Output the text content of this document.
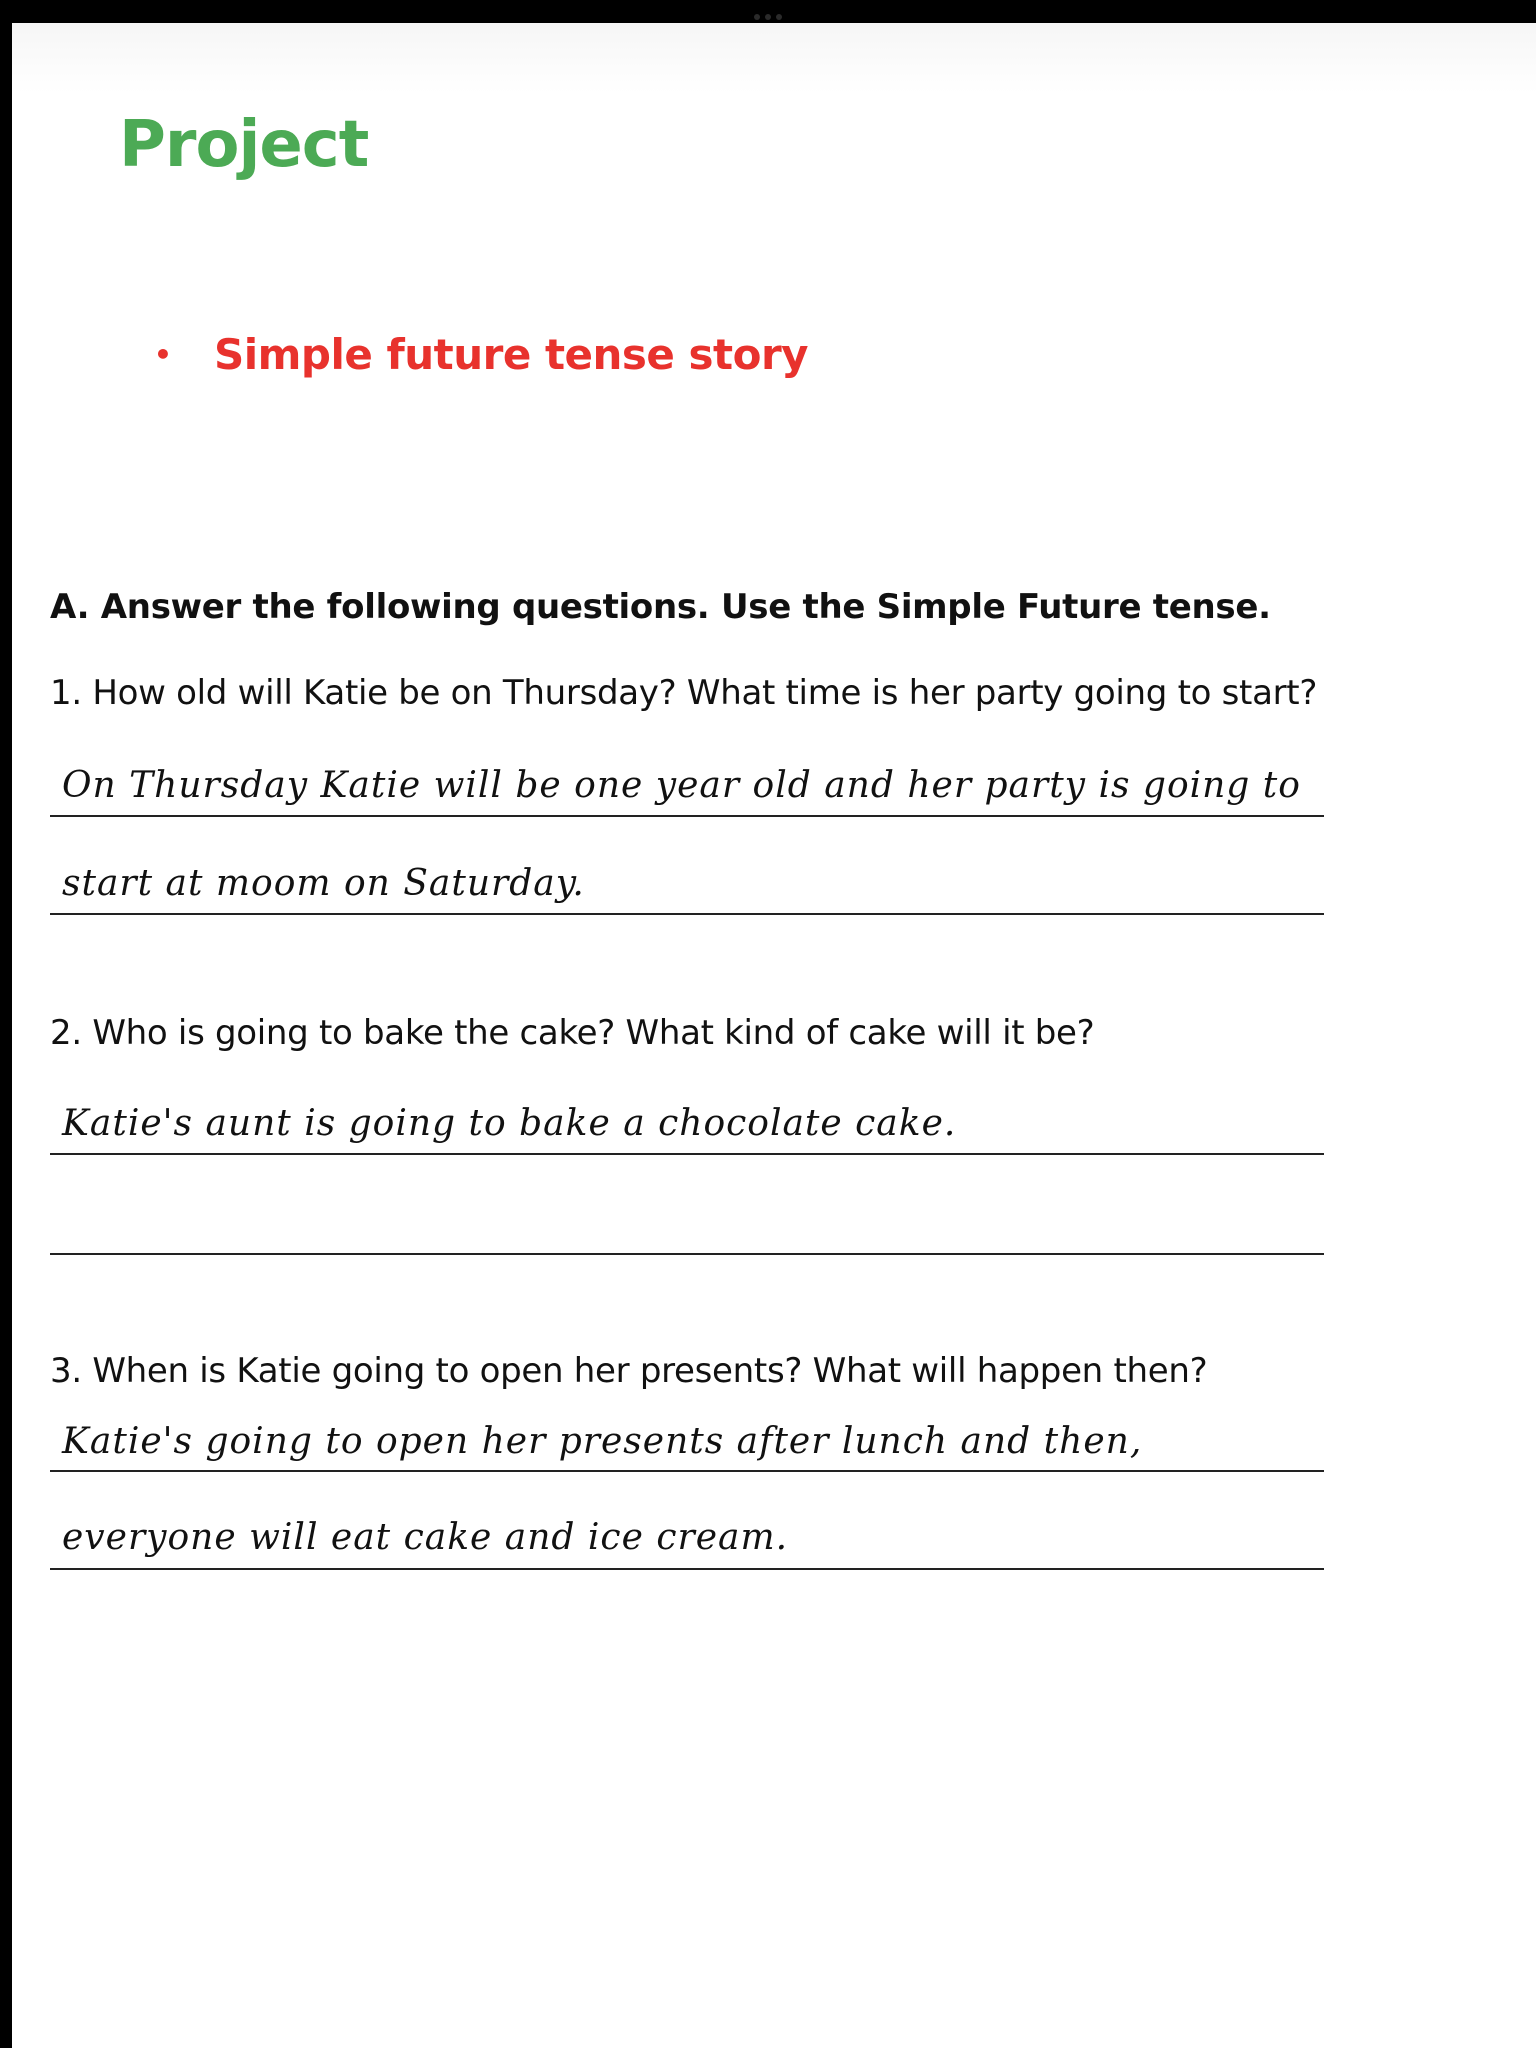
Project
•	Simple future tense story
A. Answer the following questions. Use the Simple Future tense.
1. How old will Katie be on Thursday? What time is her party going to start?
On Thursday Katie will be one year old and her party is going to
start at moom on Saturday.
2. Who is going to bake the cake? What kind of cake will it be?
Katie's aunt is going to bake a chocolate cake.
3. When is Katie going to open her presents? What will happen then?
Katie's going to open her presents after lunch and then,
everyone will eat cake and ice cream.
